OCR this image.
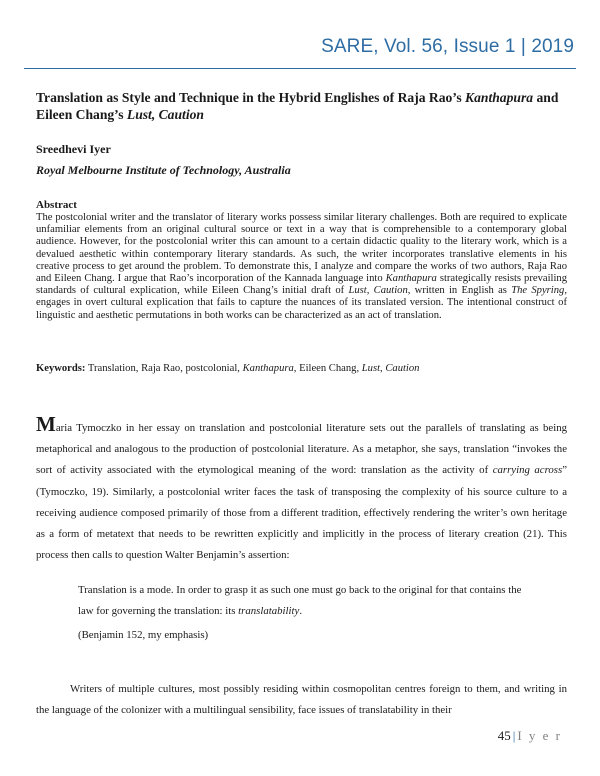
SARE, Vol. 56, Issue 1 | 2019
Translation as Style and Technique in the Hybrid Englishes of Raja Rao’s Kanthapura and Eileen Chang’s Lust, Caution
Sreedhevi Iyer
Royal Melbourne Institute of Technology, Australia
Abstract
The postcolonial writer and the translator of literary works possess similar literary challenges. Both are required to explicate unfamiliar elements from an original cultural source or text in a way that is comprehensible to a contemporary global audience. However, for the postcolonial writer this can amount to a certain didactic quality to the literary work, which is a devalued aesthetic within contemporary literary standards. As such, the writer incorporates translative elements in his creative process to get around the problem. To demonstrate this, I analyze and compare the works of two authors, Raja Rao and Eileen Chang. I argue that Rao’s incorporation of the Kannada language into Kanthapura strategically resists prevailing standards of cultural explication, while Eileen Chang’s initial draft of Lust, Caution, written in English as The Spyring, engages in overt cultural explication that fails to capture the nuances of its translated version. The intentional construct of linguistic and aesthetic permutations in both works can be characterized as an act of translation.
Keywords: Translation, Raja Rao, postcolonial, Kanthapura, Eileen Chang, Lust, Caution
Maria Tymoczko in her essay on translation and postcolonial literature sets out the parallels of translating as being metaphorical and analogous to the production of postcolonial literature. As a metaphor, she says, translation “invokes the sort of activity associated with the etymological meaning of the word: translation as the activity of carrying across” (Tymoczko, 19). Similarly, a postcolonial writer faces the task of transposing the complexity of his source culture to a receiving audience composed primarily of those from a different tradition, effectively rendering the writer’s own heritage as a form of metatext that needs to be rewritten explicitly and implicitly in the process of literary creation (21). This process then calls to question Walter Benjamin’s assertion:
Translation is a mode. In order to grasp it as such one must go back to the original for that contains the law for governing the translation: its translatability.
(Benjamin 152, my emphasis)
Writers of multiple cultures, most possibly residing within cosmopolitan centres foreign to them, and writing in the language of the colonizer with a multilingual sensibility, face issues of translatability in their
45 | I y e r
